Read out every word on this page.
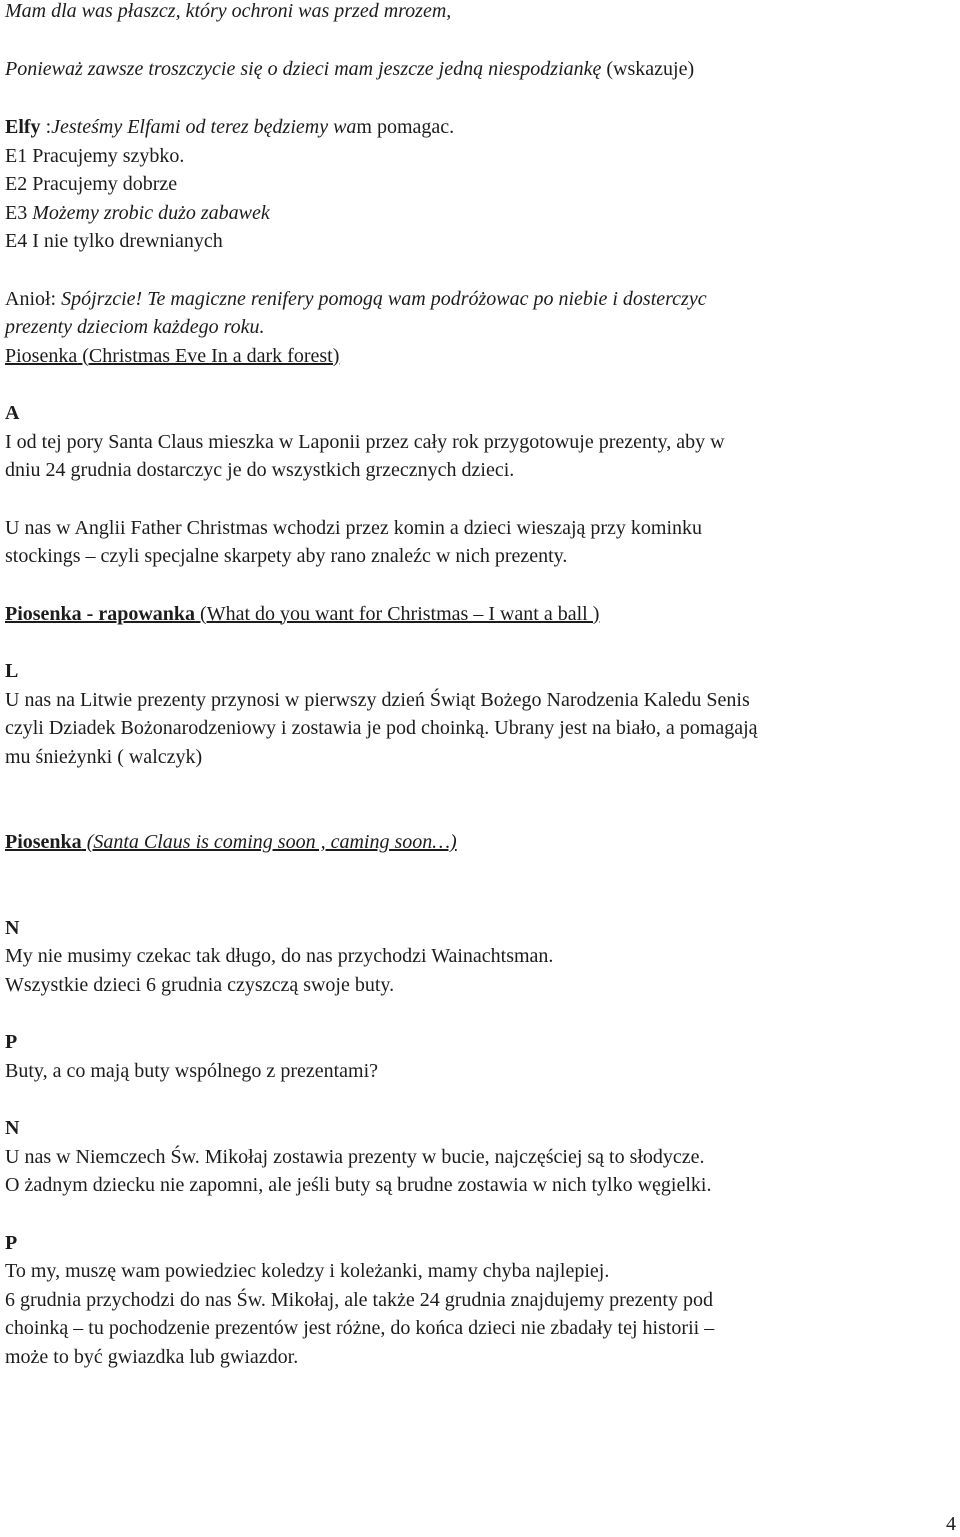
Mam dla was płaszcz, który ochroni was przed mrozem,
Ponieważ zawsze troszczycie się o dzieci mam jeszcze jedną niespodziankę (wskazuje)
Elfy :Jesteśmy Elfami od terez będziemy wam pomagac.
E1 Pracujemy szybko.
E2 Pracujemy dobrze
E3 Możemy zrobic dużo zabawek
E4 I nie tylko drewnianych
Anioł: Spójrzcie! Te magiczne renifery pomogą wam podróżowac po niebie i dosterczyc
prezenty dzieciom każdego roku.
Piosenka (Christmas Eve In a dark forest)
A
I od tej pory Santa Claus mieszka w Laponii przez cały rok przygotowuje prezenty, aby w
dniu 24 grudnia dostarczyc je do wszystkich grzecznych dzieci.
U nas w Anglii Father Christmas wchodzi przez komin a dzieci wieszają przy kominku
stockings – czyli specjalne skarpety aby rano znaleźc w nich prezenty.
Piosenka - rapowanka (What do you want for Christmas – I want a ball )
L
U nas na Litwie prezenty przynosi w pierwszy dzień Świąt Bożego Narodzenia Kaledu Senis
czyli Dziadek Bożonarodzeniowy i zostawia je pod choinką. Ubrany jest na biało, a pomagają
mu śnieżynki ( walczyk)
Piosenka (Santa Claus is coming soon , caming soon…)
N
My nie musimy czekac tak długo, do nas przychodzi Wainachtsman.
Wszystkie dzieci 6 grudnia czyszczą swoje buty.
P
Buty, a co mają buty wspólnego z prezentami?
N
U nas w Niemczech Św. Mikołaj zostawia prezenty w bucie, najczęściej są to słodycze.
O żadnym dziecku nie zapomni, ale jeśli buty są brudne zostawia w nich tylko węgielki.
P
To my, muszę wam powiedziec koledzy i koleżanki, mamy chyba najlepiej.
6 grudnia przychodzi do nas Św. Mikołaj, ale także 24 grudnia znajdujemy prezenty pod
choinką – tu pochodzenie prezentów jest różne, do końca dzieci nie zbadały tej historii –
może to być gwiazdka lub gwiazdor.
4
